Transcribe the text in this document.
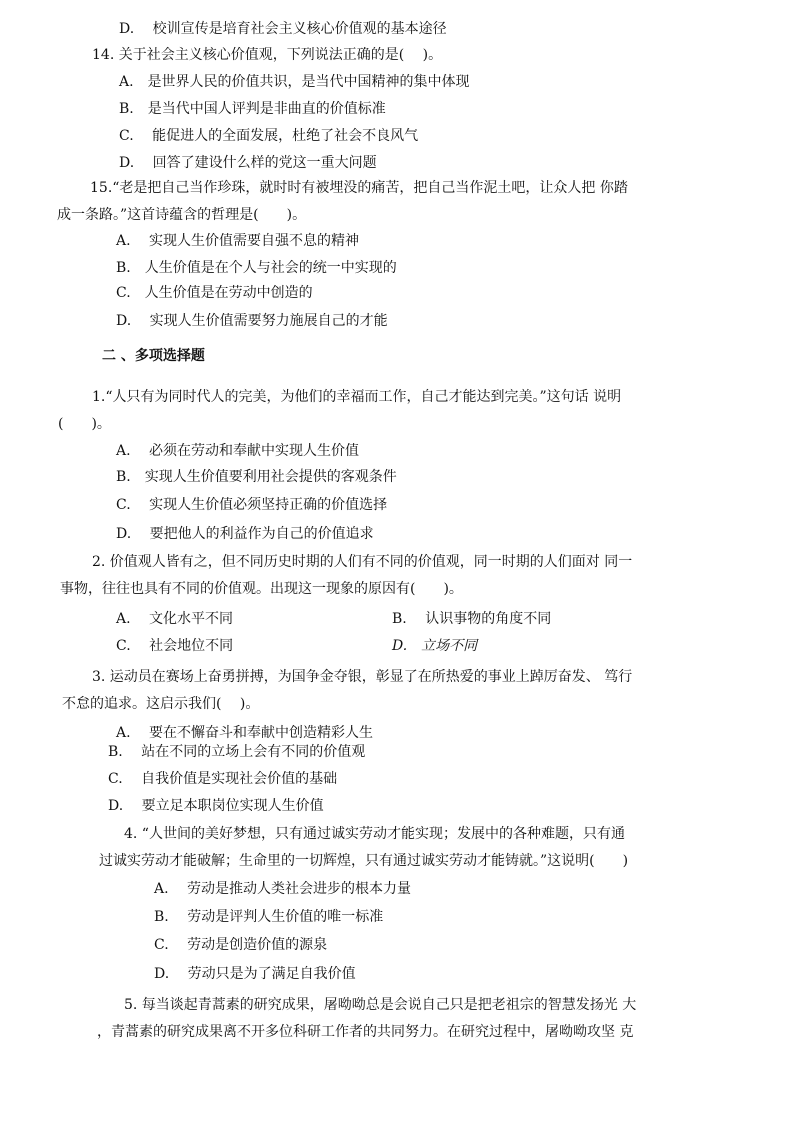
D.　 校训宣传是培育社会主义核心价值观的基本途径
14. 关于社会主义核心价值观，下列说法正确的是(　 )。
A.　是世界人民的价值共识，是当代中国精神的集中体现
B.　是当代中国人评判是非曲直的价值标准
C.　 能促进人的全面发展，杜绝了社会不良风气
D.　 回答了建设什么样的党这一重大问题
15.“老是把自己当作珍珠，就时时有被埋没的痛苦，把自己当作泥土吧，让众人把 你踏
成一条路。”这首诗蕴含的哲理是(　　)。
A.　 实现人生价值需要自强不息的精神
B.　人生价值是在个人与社会的统一中实现的
C.　人生价值是在劳动中创造的
D.　 实现人生价值需要努力施展自己的才能
二 、多项选择题
1.“人只有为同时代人的完美，为他们的幸福而工作，自己才能达到完美。”这句话 说明
(　　)。
A.　 必须在劳动和奉献中实现人生价值
B.　实现人生价值要利用社会提供的客观条件
C.　 实现人生价值必须坚持正确的价值选择
D.　 要把他人的利益作为自己的价值追求
2. 价值观人皆有之，但不同历史时期的人们有不同的价值观，同一时期的人们面对 同一
事物，往往也具有不同的价值观。出现这一现象的原因有(　　)。
A.　 文化水平不同	B.　 认识事物的角度不同
C.　 社会地位不同	D.　立场不同
3. 运动员在赛场上奋勇拼搏，为国争金夺银，彰显了在所热爱的事业上踔厉奋发、 笃行
不怠的追求。这启示我们(　 )。
A.　 要在不懈奋斗和奉献中创造精彩人生
B.　 站在不同的立场上会有不同的价值观
C.　 自我价值是实现社会价值的基础
D.　 要立足本职岗位实现人生价值
4. “人世间的美好梦想，只有通过诚实劳动才能实现；发展中的各种难题，只有通
过诚实劳动才能破解；生命里的一切辉煌，只有通过诚实劳动才能铸就。”这说明(　　)
A.　 劳动是推动人类社会进步的根本力量
B.　 劳动是评判人生价值的唯一标准
C.　 劳动是创造价值的源泉
D.　 劳动只是为了满足自我价值
5. 每当谈起青蒿素的研究成果，屠呦呦总是会说自己只是把老祖宗的智慧发扬光 大
，青蒿素的研究成果离不开多位科研工作者的共同努力。在研究过程中，屠呦呦攻坚 克
